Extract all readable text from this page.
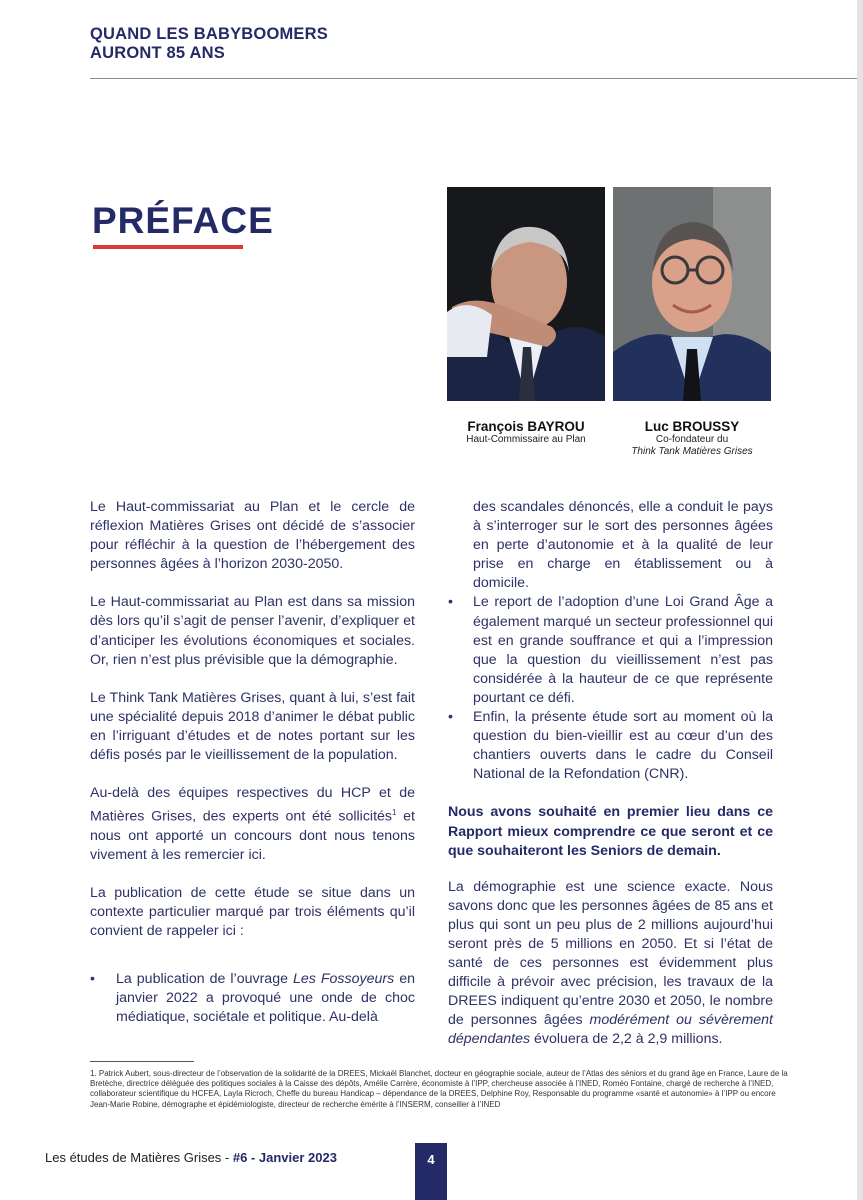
QUAND LES BABYBOOMERS
AURONT 85 ANS
PRÉFACE
François BAYROU
Haut-Commissaire au Plan
Luc BROUSSY
Co-fondateur du
Think Tank Matières Grises

Le Haut-commissariat au Plan et le cercle de réflexion Matières Grises ont décidé de s’associer pour réfléchir à la question de l’hébergement des personnes âgées à l’horizon 2030-2050.

Le Haut-commissariat au Plan est dans sa mission dès lors qu’il s’agit de penser l’avenir, d’expliquer et d’anticiper les évolutions économiques et sociales. Or, rien n’est plus prévisible que la démographie.

Le Think Tank Matières Grises, quant à lui, s’est fait une spécialité depuis 2018 d’animer le débat public en l’irriguant d’études et de notes portant sur les défis posés par le vieillissement de la population.

Au-delà des équipes respectives du HCP et de Matières Grises, des experts ont été sollicités$^1$ et nous ont apporté un concours dont nous tenons vivement à les remercier ici.

La publication de cette étude se situe dans un contexte particulier marqué par trois éléments qu’il convient de rappeler ici :

• La publication de l’ouvrage Les Fossoyeurs en janvier 2022 a provoqué une onde de choc médiatique, sociétale et politique. Au-delà

des scandales dénoncés, elle a conduit le pays à s’interroger sur le sort des personnes âgées en perte d’autonomie et à la qualité de leur prise en charge en établissement ou à domicile.

• Le report de l’adoption d’une Loi Grand Âge a également marqué un secteur professionnel qui est en grande souffrance et qui a l’impression que la question du vieillissement n’est pas considérée à la hauteur de ce que représente pourtant ce défi.

• Enfin, la présente étude sort au moment où la question du bien-vieillir est au cœur d’un des chantiers ouverts dans le cadre du Conseil National de la Refondation (CNR).

Nous avons souhaité en premier lieu dans ce Rapport mieux comprendre ce que seront et ce que souhaiteront les Seniors de demain.

La démographie est une science exacte. Nous savons donc que les personnes âgées de 85 ans et plus qui sont un peu plus de 2 millions aujourd’hui seront près de 5 millions en 2050. Et si l’état de santé de ces personnes est évidemment plus difficile à prévoir avec précision, les travaux de la DREES indiquent qu’entre 2030 et 2050, le nombre de personnes âgées modérément ou sévèrement dépendantes évoluera de 2,2 à 2,9 millions.

1. Patrick Aubert, sous-directeur de l’observation de la solidarité de la DREES, Mickaël Blanchet, docteur en géographie sociale, auteur de l’Atlas des séniors et du grand âge en France, Laure de la Bretèche, directrice déléguée des politiques sociales à la Caisse des dépôts, Amélie Carrère, économiste à l’IPP, chercheuse associée à l’INED, Roméo Fontaine, chargé de recherche à l’INED, collaborateur scientifique du HCFEA, Layla Ricroch, Cheffe du bureau Handicap – dépendance de la DREES, Delphine Roy, Responsable du programme «santé et autonomie» à l’IPP ou encore Jean-Marie Robine, démographe et épidémiologiste, directeur de recherche émérite à l’INSERM, conseiller à l’INED
Les études de Matières Grises - #6 - Janvier 2023	4
